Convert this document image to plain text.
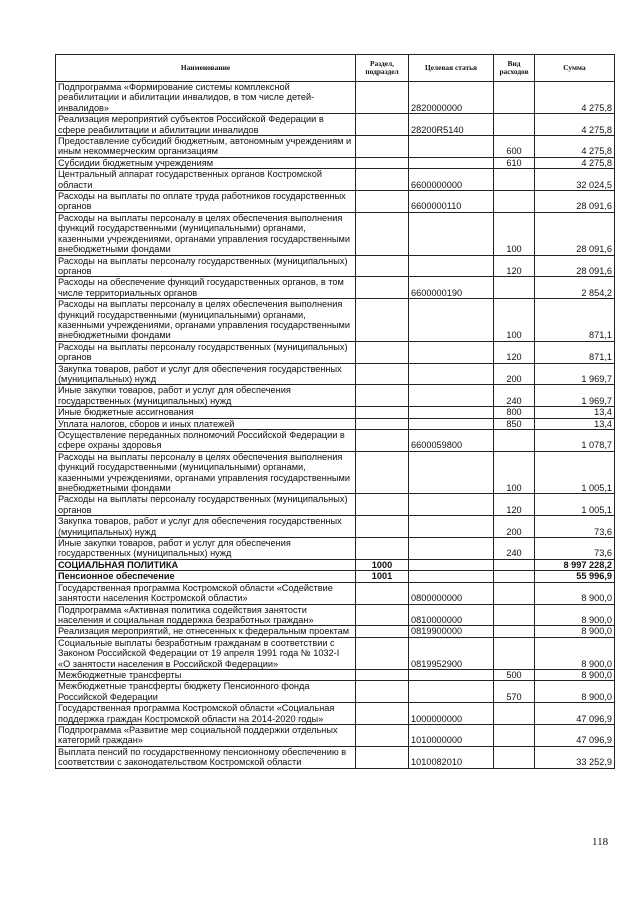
Наименование	Раздел, подраздел	Целевая статья	Вид расходов	Сумма
Подпрограмма «Формирование системы комплексной реабилитации и абилитации инвалидов, в том числе детей-инвалидов»		2820000000		4 275,8
Реализация мероприятий субъектов Российской Федерации в сфере реабилитации и абилитации инвалидов		28200R5140		4 275,8
Предоставление субсидий бюджетным, автономным учреждениям и иным некоммерческим организациям			600	4 275,8
Субсидии бюджетным учреждениям			610	4 275,8
Центральный аппарат государственных органов Костромской области		6600000000		32 024,5
Расходы на выплаты по оплате труда работников государственных органов		6600000110		28 091,6
Расходы на выплаты персоналу в целях обеспечения выполнения функций государственными (муниципальными) органами, казенными учреждениями, органами управления государственными внебюджетными фондами			100	28 091,6
Расходы на выплаты персоналу государственных (муниципальных) органов			120	28 091,6
Расходы на обеспечение функций государственных органов, в том числе территориальных органов		6600000190		2 854,2
Расходы на выплаты персоналу в целях обеспечения выполнения функций государственными (муниципальными) органами, казенными учреждениями, органами управления государственными внебюджетными фондами			100	871,1
Расходы на выплаты персоналу государственных (муниципальных) органов			120	871,1
Закупка товаров, работ и услуг для обеспечения государственных (муниципальных) нужд			200	1 969,7
Иные закупки товаров, работ и услуг для обеспечения государственных (муниципальных) нужд			240	1 969,7
Иные бюджетные ассигнования			800	13,4
Уплата налогов, сборов и иных платежей			850	13,4
Осуществление переданных полномочий Российской Федерации в сфере охраны здоровья		6600059800		1 078,7
Расходы на выплаты персоналу в целях обеспечения выполнения функций государственными (муниципальными) органами, казенными учреждениями, органами управления государственными внебюджетными фондами			100	1 005,1
Расходы на выплаты персоналу государственных (муниципальных) органов			120	1 005,1
Закупка товаров, работ и услуг для обеспечения государственных (муниципальных) нужд			200	73,6
Иные закупки товаров, работ и услуг для обеспечения государственных (муниципальных) нужд			240	73,6
СОЦИАЛЬНАЯ ПОЛИТИКА	1000			8 997 228,2
Пенсионное обеспечение	1001			55 996,9
Государственная программа Костромской области «Содействие занятости населения Костромской области»		0800000000		8 900,0
Подпрограмма «Активная политика содействия занятости населения и социальная поддержка безработных граждан»		0810000000		8 900,0
Реализация мероприятий, не отнесенных к федеральным проектам		0819900000		8 900,0
Социальные выплаты безработным гражданам в соответствии с Законом Российской Федерации от 19 апреля 1991 года № 1032-I «О занятости населения в Российской Федерации»		0819952900		8 900,0
Межбюджетные трансферты			500	8 900,0
Межбюджетные трансферты бюджету Пенсионного фонда Российской Федерации			570	8 900,0
Государственная программа Костромской области «Социальная поддержка граждан Костромской области на 2014-2020 годы»		1000000000		47 096,9
Подпрограмма «Развитие мер социальной поддержки отдельных категорий граждан»		1010000000		47 096,9
Выплата пенсий по государственному пенсионному обеспечению в соответствии с законодательством Костромской области		1010082010		33 252,9
118
